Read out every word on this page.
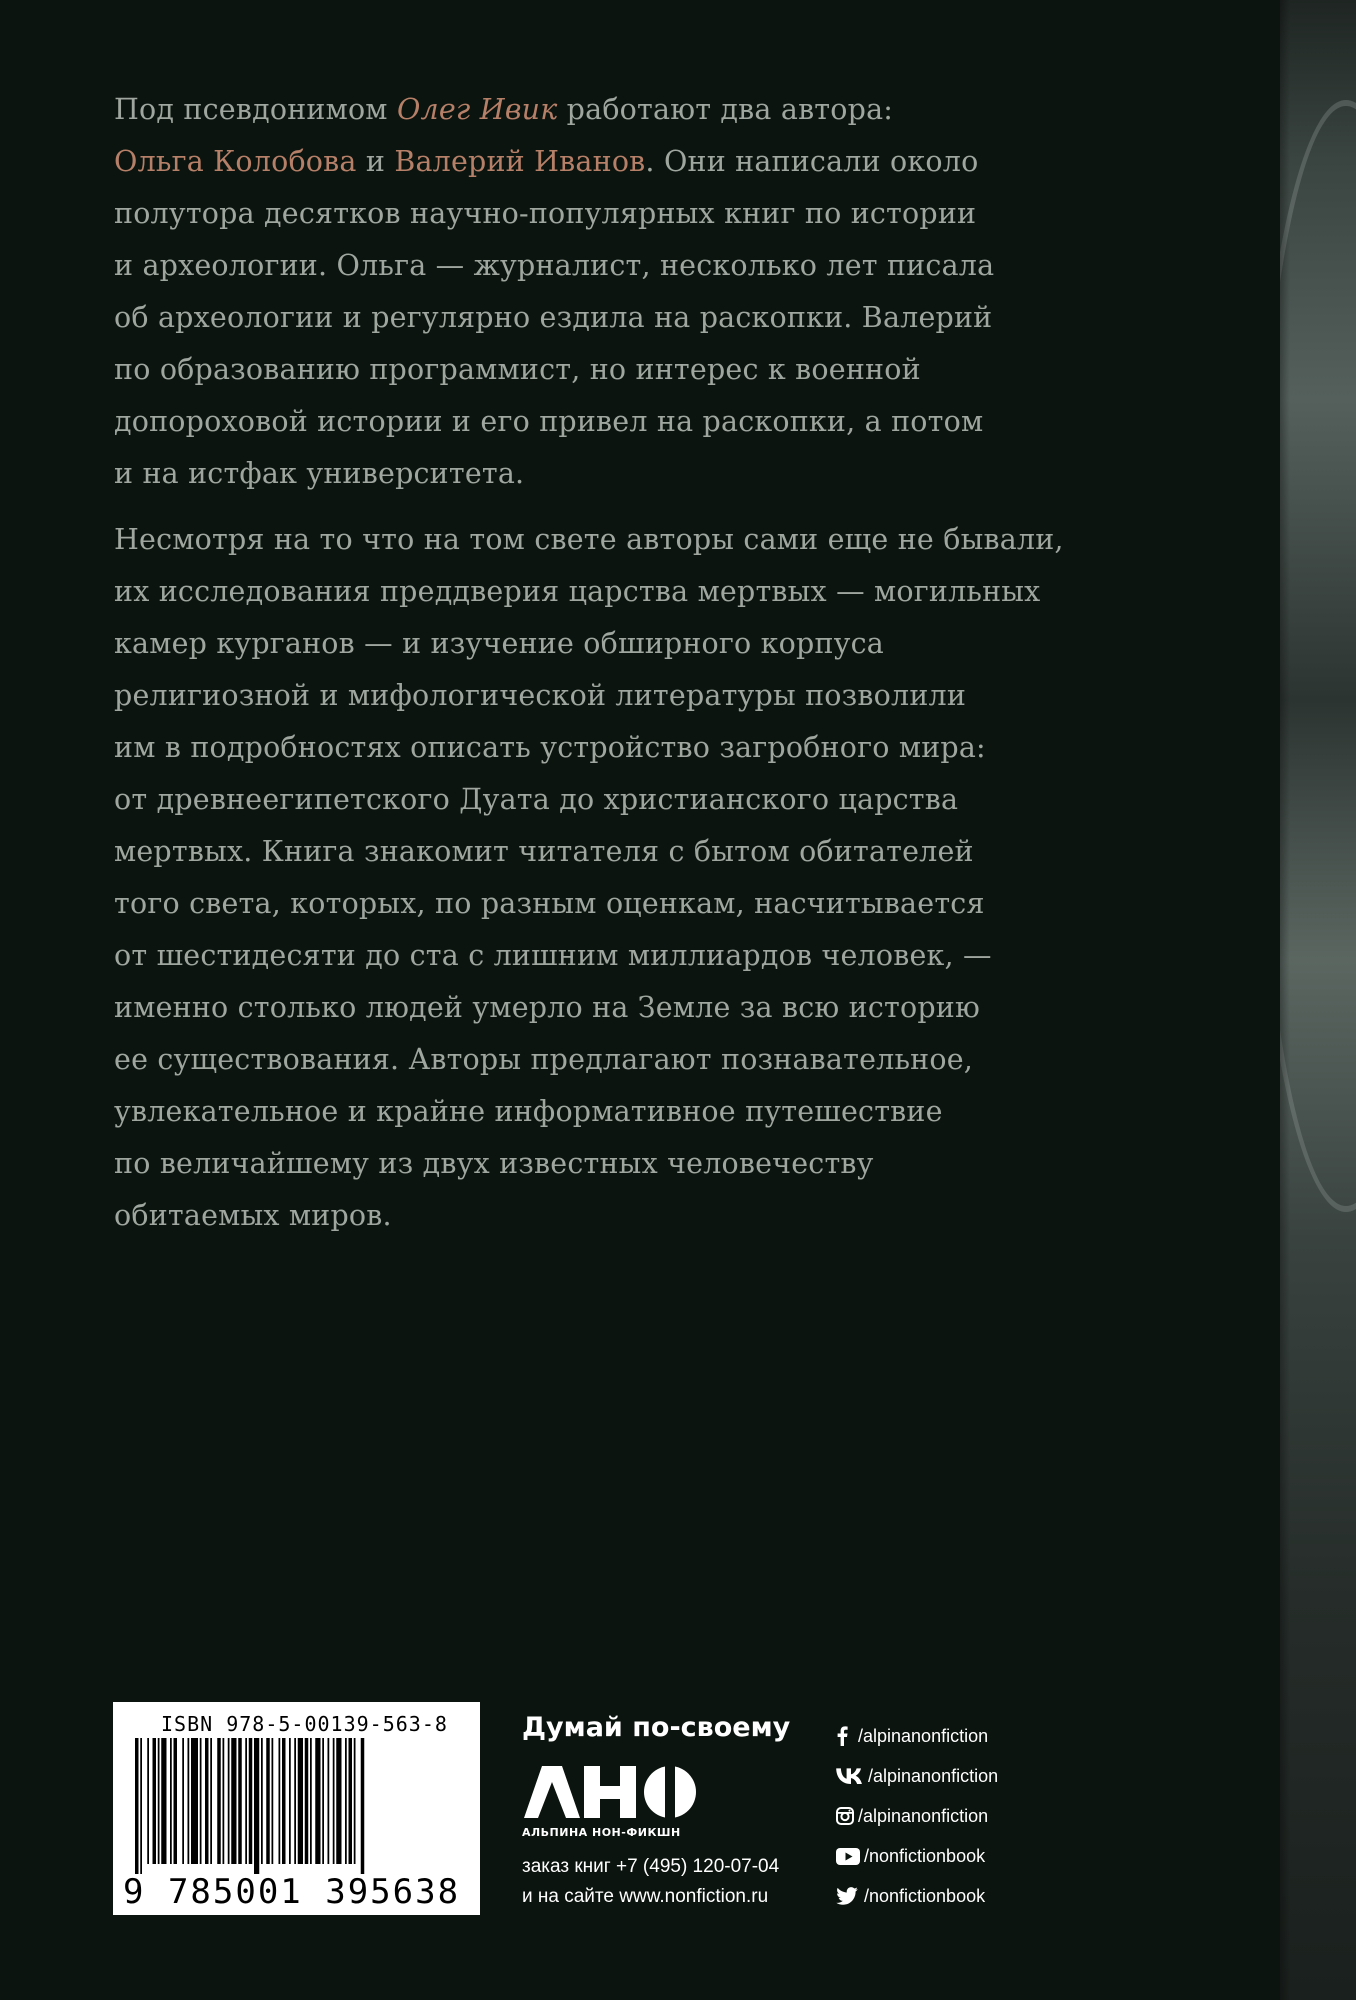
Под псевдонимом Олег Ивик работают два автора:
Ольга Колобова и Валерий Иванов. Они написали около
полутора десятков научно-популярных книг по истории
и археологии. Ольга — журналист, несколько лет писала
об археологии и регулярно ездила на раскопки. Валерий
по образованию программист, но интерес к военной
допороховой истории и его привел на раскопки, а потом
и на истфак университета.

Несмотря на то что на том свете авторы сами еще не бывали,
их исследования преддверия царства мертвых — могильных
камер курганов — и изучение обширного корпуса
религиозной и мифологической литературы позволили
им в подробностях описать устройство загробного мира:
от древнеегипетского Дуата до христианского царства
мертвых. Книга знакомит читателя с бытом обитателей
того света, которых, по разным оценкам, насчитывается
от шестидесяти до ста с лишним миллиардов человек, —
именно столько людей умерло на Земле за всю историю
ее существования. Авторы предлагают познавательное,
увлекательное и крайне информативное путешествие
по величайшему из двух известных человечеству
обитаемых миров.

ISBN 978-5-00139-563-8
9 785001 395638
Думай по-своему
АЛЬПИНА НОН-ФИКШН
заказ книг +7 (495) 120-07-04
и на сайте www.nonfiction.ru
/alpinanonfiction
/alpinanonfiction
/alpinanonfiction
/nonfictionbook
/nonfictionbook
